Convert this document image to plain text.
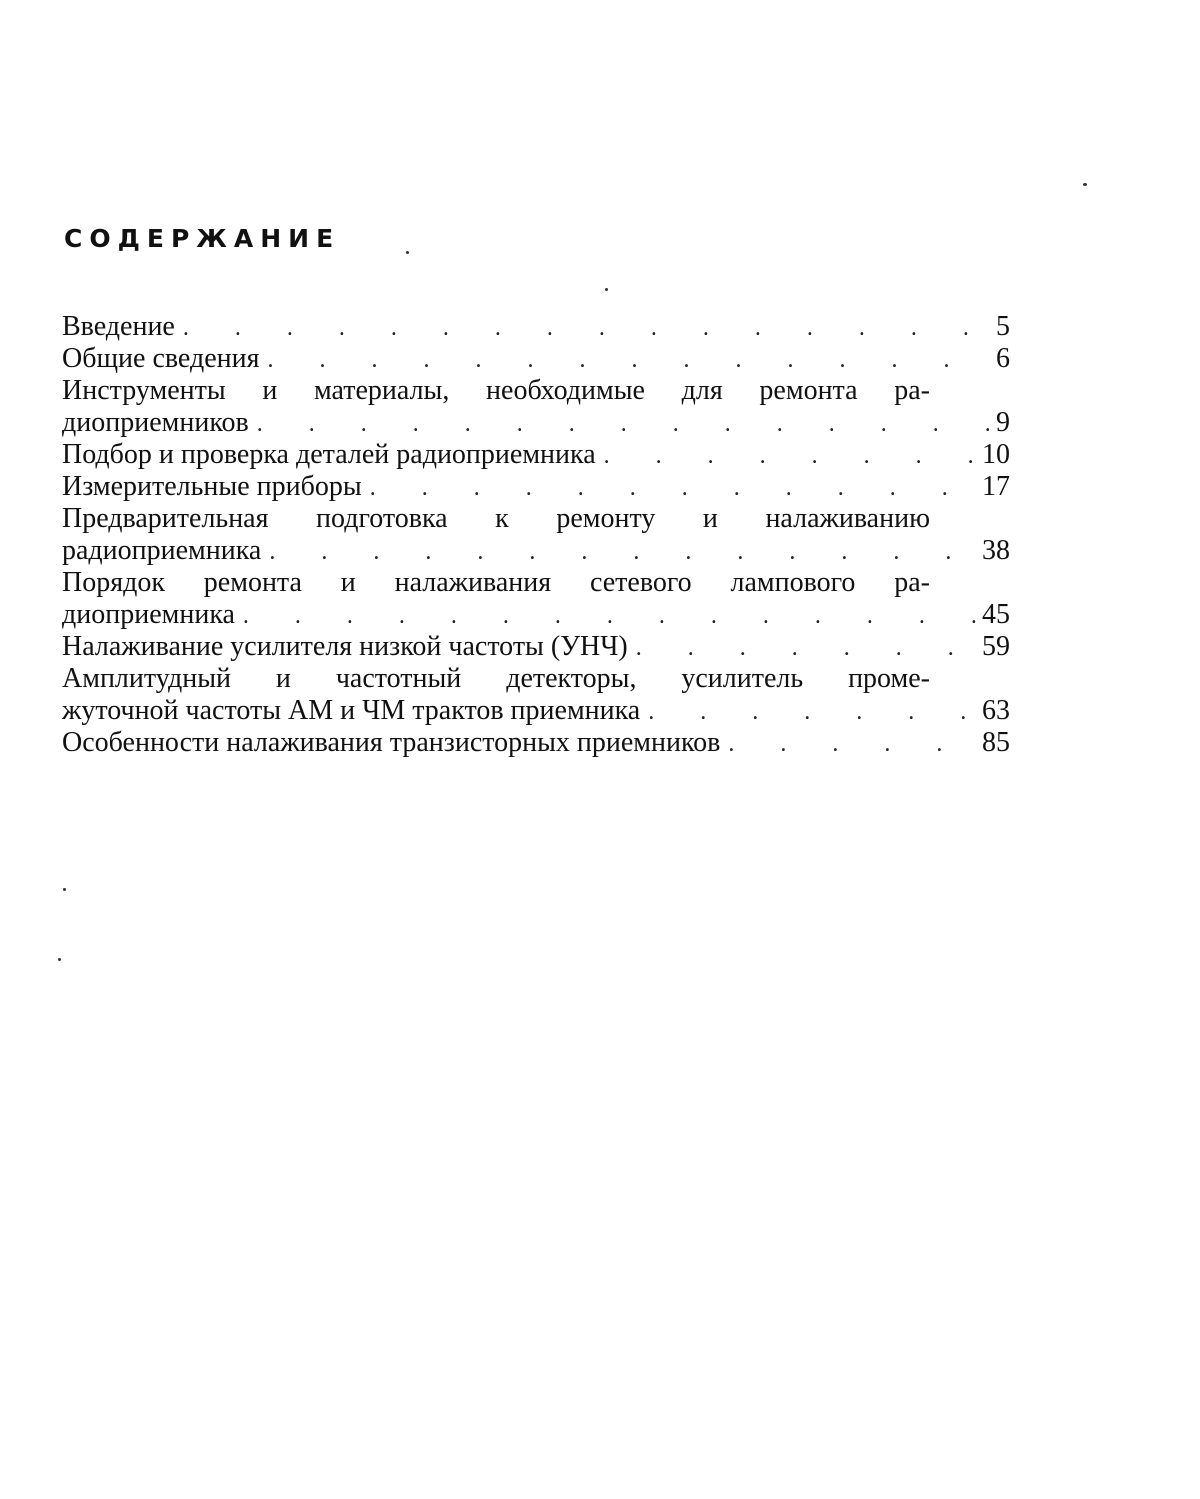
СОДЕРЖАНИЕ
Введение . . .	5
Общие сведения . . .	6
Инструменты и материалы, необходимые для ремонта ра-
диоприемников . . .	9
Подбор и проверка деталей радиоприемника . . .	10
Измерительные приборы . . .	17
Предварительная подготовка к ремонту и налаживанию
радиоприемника . . .	38
Порядок ремонта и налаживания сетевого лампового ра-
диоприемника . . .	45
Налаживание усилителя низкой частоты (УНЧ) . . .	59
Амплитудный и частотный детекторы, усилитель проме-
жуточной частоты АМ и ЧМ трактов приемника . . .	63
Особенности налаживания транзисторных приемников . . .	85
